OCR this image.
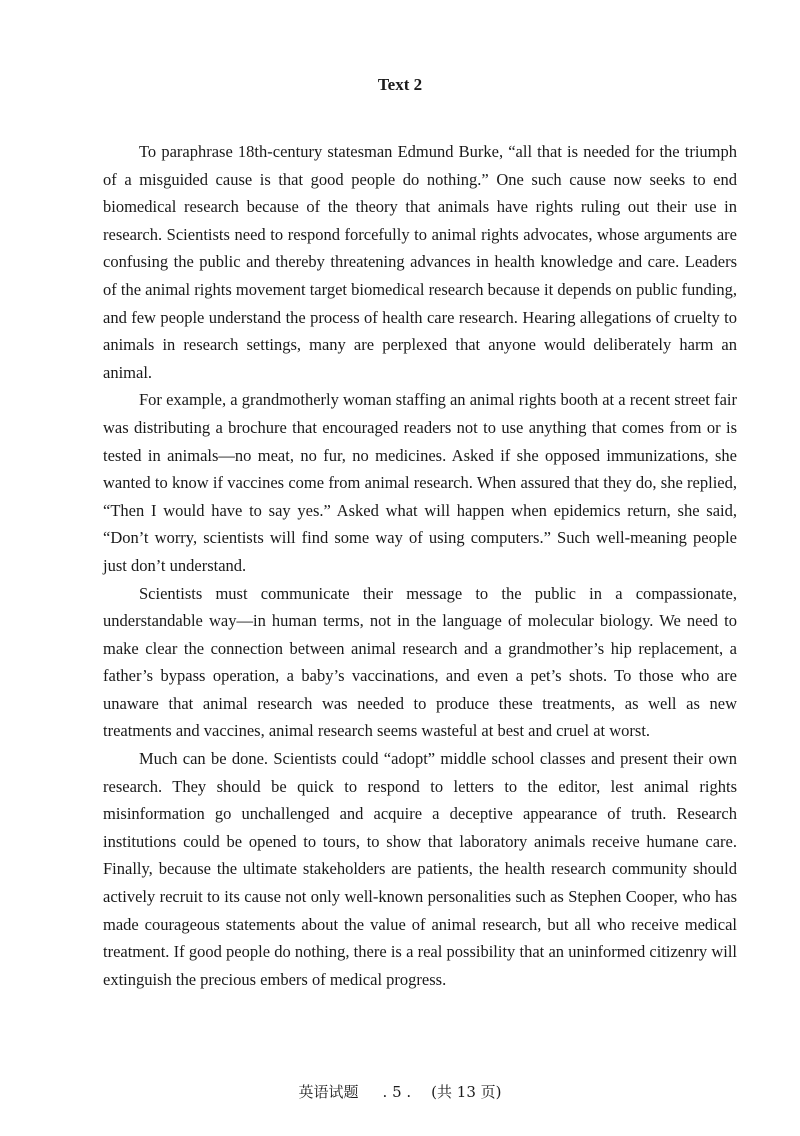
Text 2

To paraphrase 18th-century statesman Edmund Burke, “all that is needed for the triumph of a misguided cause is that good people do nothing.” One such cause now seeks to end biomedical research because of the theory that animals have rights ruling out their use in research. Scientists need to respond forcefully to animal rights advocates, whose arguments are confusing the public and thereby threatening advances in health knowledge and care. Leaders of the animal rights movement target biomedical research because it depends on public funding, and few people understand the process of health care research. Hearing allegations of cruelty to animals in research settings, many are perplexed that anyone would deliberately harm an animal.

For example, a grandmotherly woman staffing an animal rights booth at a recent street fair was distributing a brochure that encouraged readers not to use anything that comes from or is tested in animals—no meat, no fur, no medicines. Asked if she opposed immunizations, she wanted to know if vaccines come from animal research. When assured that they do, she replied, “Then I would have to say yes.” Asked what will happen when epidemics return, she said, “Don’t worry, scientists will find some way of using computers.” Such well-meaning people just don’t understand.

Scientists must communicate their message to the public in a compassionate, understandable way—in human terms, not in the language of molecular biology. We need to make clear the connection between animal research and a grandmother’s hip replacement, a father’s bypass operation, a baby’s vaccinations, and even a pet’s shots. To those who are unaware that animal research was needed to produce these treatments, as well as new treatments and vaccines, animal research seems wasteful at best and cruel at worst.

Much can be done. Scientists could “adopt” middle school classes and present their own research. They should be quick to respond to letters to the editor, lest animal rights misinformation go unchallenged and acquire a deceptive appearance of truth. Research institutions could be opened to tours, to show that laboratory animals receive humane care. Finally, because the ultimate stakeholders are patients, the health research community should actively recruit to its cause not only well-known personalities such as Stephen Cooper, who has made courageous statements about the value of animal research, but all who receive medical treatment. If good people do nothing, there is a real possibility that an uninformed citizenry will extinguish the precious embers of medical progress.

英语试题 . 5 . (共 13 页)
